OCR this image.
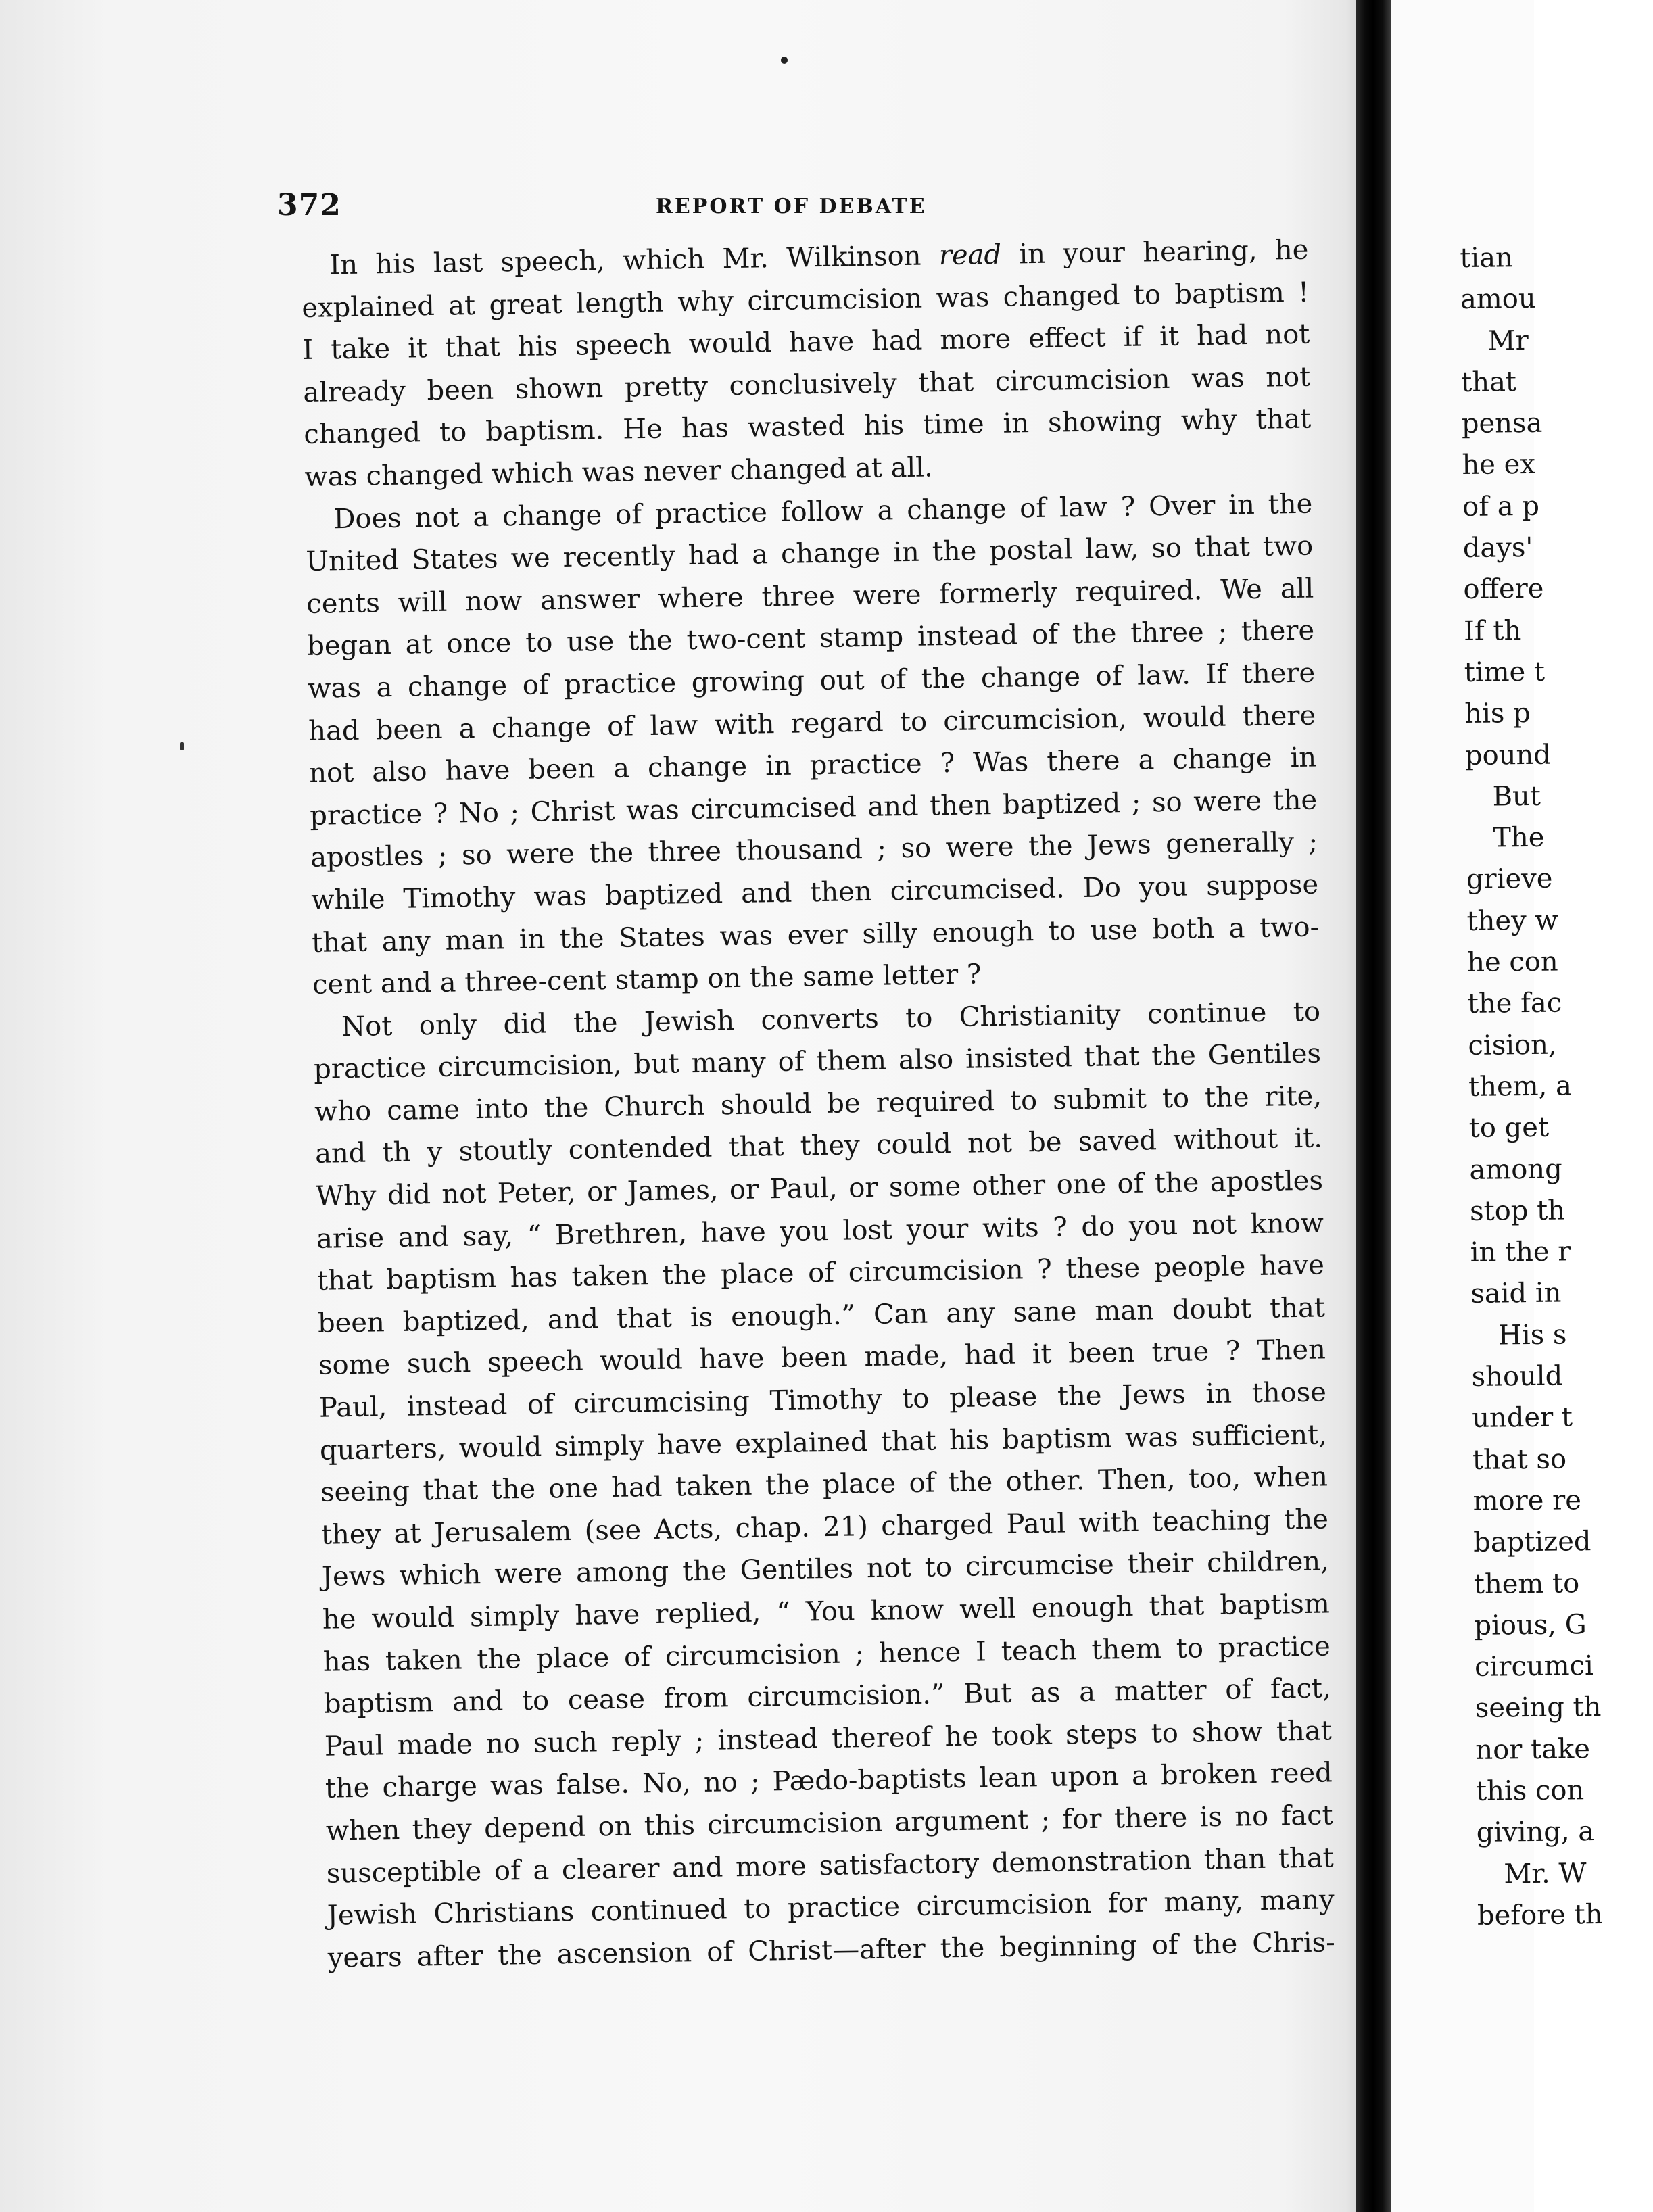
372	REPORT OF DEBATE
In his last speech, which Mr. Wilkinson read in your hearing, he
explained at great length why circumcision was changed to baptism !
I take it that his speech would have had more effect if it had not
already been shown pretty conclusively that circumcision was not
changed to baptism. He has wasted his time in showing why that
was changed which was never changed at all.
Does not a change of practice follow a change of law ? Over in the
United States we recently had a change in the postal law, so that two
cents will now answer where three were formerly required. We all
began at once to use the two-cent stamp instead of the three ; there
was a change of practice growing out of the change of law. If there
had been a change of law with regard to circumcision, would there
not also have been a change in practice ? Was there a change in
practice ? No ; Christ was circumcised and then baptized ; so were the
apostles ; so were the three thousand ; so were the Jews generally ;
while Timothy was baptized and then circumcised. Do you suppose
that any man in the States was ever silly enough to use both a two-
cent and a three-cent stamp on the same letter ?
Not only did the Jewish converts to Christianity continue to
practice circumcision, but many of them also insisted that the Gentiles
who came into the Church should be required to submit to the rite,
and th y stoutly contended that they could not be saved without it.
Why did not Peter, or James, or Paul, or some other one of the apostles
arise and say, “ Brethren, have you lost your wits ? do you not know
that baptism has taken the place of circumcision ? these people have
been baptized, and that is enough.” Can any sane man doubt that
some such speech would have been made, had it been true ? Then
Paul, instead of circumcising Timothy to please the Jews in those
quarters, would simply have explained that his baptism was sufficient,
seeing that the one had taken the place of the other. Then, too, when
they at Jerusalem (see Acts, chap. 21) charged Paul with teaching the
Jews which were among the Gentiles not to circumcise their children,
he would simply have replied, “ You know well enough that baptism
has taken the place of circumcision ; hence I teach them to practice
baptism and to cease from circumcision.” But as a matter of fact,
Paul made no such reply ; instead thereof he took steps to show that
the charge was false. No, no ; Pædo-baptists lean upon a broken reed
when they depend on this circumcision argument ; for there is no fact
susceptible of a clearer and more satisfactory demonstration than that
Jewish Christians continued to practice circumcision for many, many
years after the ascension of Christ—after the beginning of the Chris-
tian
amou
Mr
that
pensa
he ex
of a p
days'
offere
If th
time t
his p
pound
But
The
grieve
they w
he con
the fac
cision,
them, a
to get
among
stop th
in the r
said in
His s
should
under t
that so
more re
baptized
them to
pious, G
circumci
seeing th
nor take
this con
giving, a
Mr. W
before th
